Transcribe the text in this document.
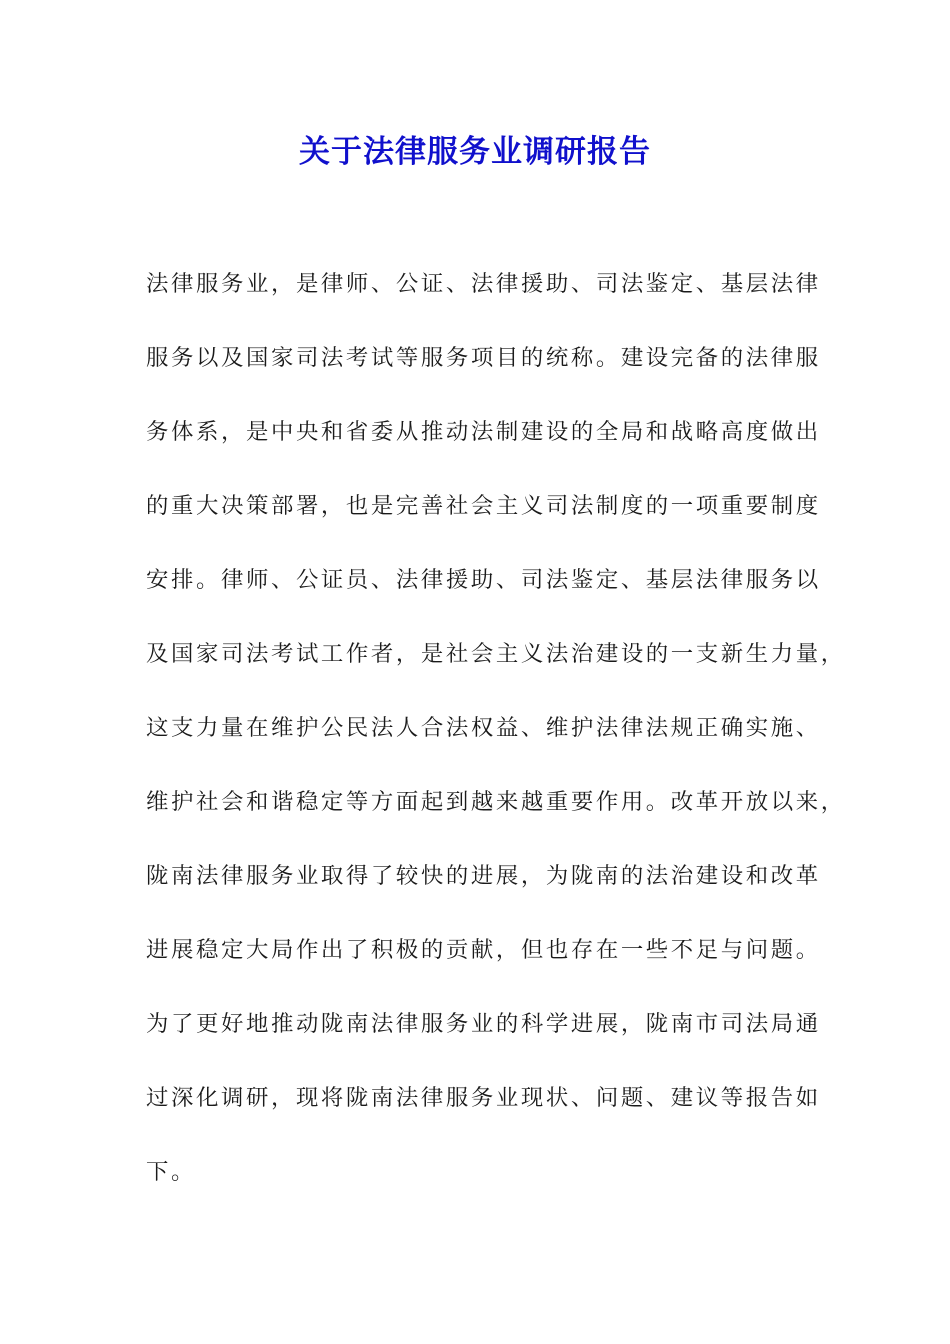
关于法律服务业调研报告
法律服务业，是律师、公证、法律援助、司法鉴定、基层法律
服务以及国家司法考试等服务项目的统称。建设完备的法律服
务体系，是中央和省委从推动法制建设的全局和战略高度做出
的重大决策部署，也是完善社会主义司法制度的一项重要制度
安排。律师、公证员、法律援助、司法鉴定、基层法律服务以
及国家司法考试工作者，是社会主义法治建设的一支新生力量，
这支力量在维护公民法人合法权益、维护法律法规正确实施、
维护社会和谐稳定等方面起到越来越重要作用。改革开放以来，
陇南法律服务业取得了较快的进展，为陇南的法治建设和改革
进展稳定大局作出了积极的贡献，但也存在一些不足与问题。
为了更好地推动陇南法律服务业的科学进展，陇南市司法局通
过深化调研，现将陇南法律服务业现状、问题、建议等报告如
下。
